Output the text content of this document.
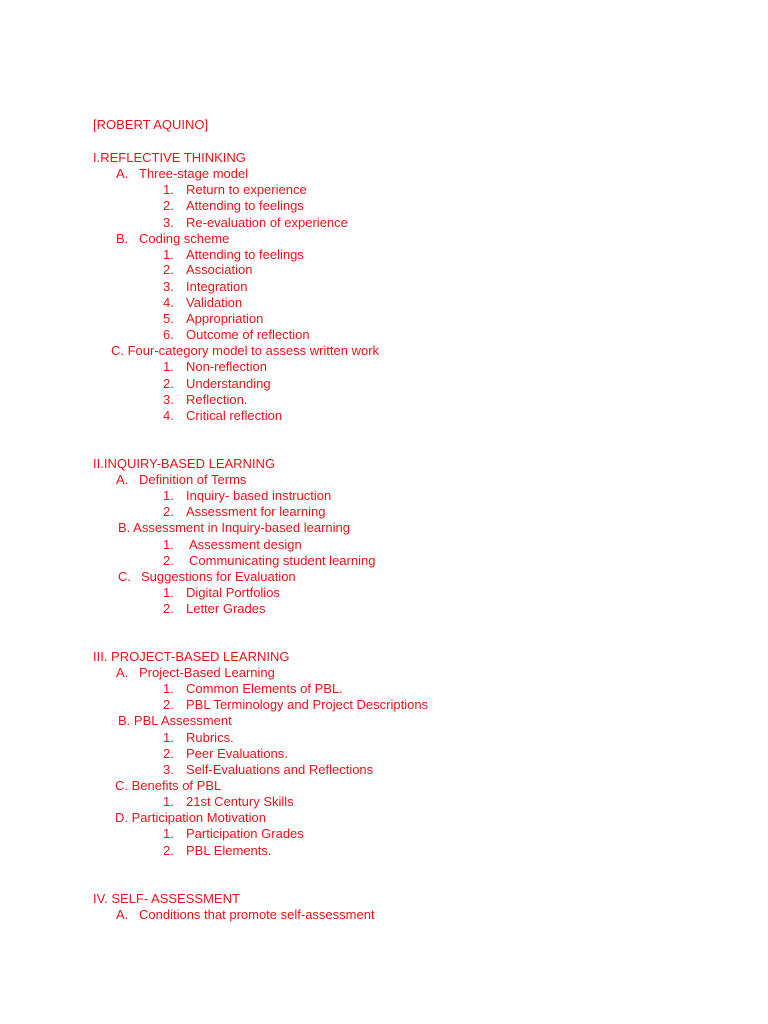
[ROBERT AQUINO]
I.REFLECTIVE THINKING
A. Three-stage model
1. Return to experience
2. Attending to feelings
3. Re-evaluation of experience
B. Coding scheme
1. Attending to feelings
2. Association
3. Integration
4. Validation
5. Appropriation
6. Outcome of reflection
C. Four-category model to assess written work
1. Non-reflection
2. Understanding
3. Reflection.
4. Critical reflection
II.INQUIRY-BASED LEARNING
A. Definition of Terms
1. Inquiry- based instruction
2. Assessment for learning
B. Assessment in Inquiry-based learning
1. Assessment design
2. Communicating student learning
C. Suggestions for Evaluation
1. Digital Portfolios
2. Letter Grades
III. PROJECT-BASED LEARNING
A. Project-Based Learning
1. Common Elements of PBL.
2. PBL Terminology and Project Descriptions
B. PBL Assessment
1. Rubrics.
2. Peer Evaluations.
3. Self-Evaluations and Reflections
C. Benefits of PBL
1. 21st Century Skills
D. Participation Motivation
1. Participation Grades
2. PBL Elements.
IV. SELF- ASSESSMENT
A. Conditions that promote self-assessment
